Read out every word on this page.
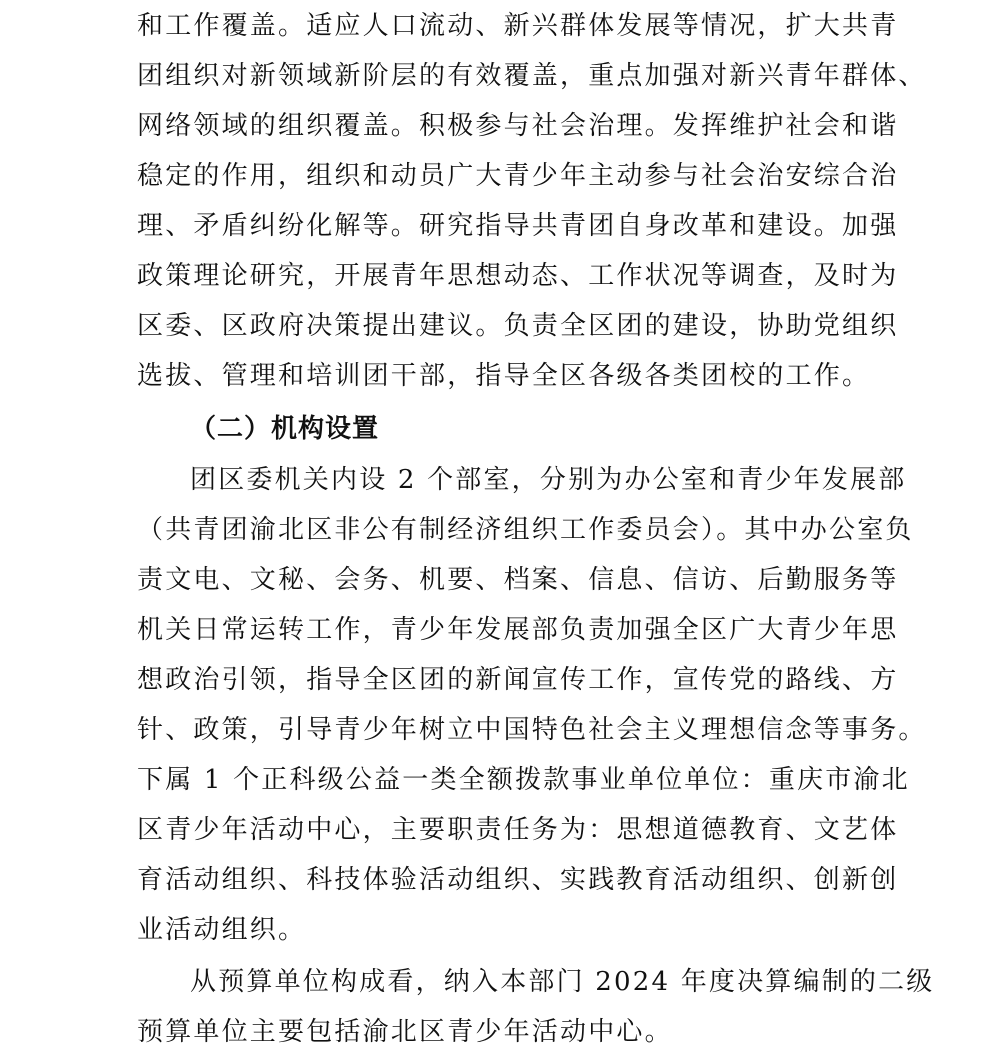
和工作覆盖。适应人口流动、新兴群体发展等情况，扩大共青
团组织对新领域新阶层的有效覆盖，重点加强对新兴青年群体、
网络领域的组织覆盖。积极参与社会治理。发挥维护社会和谐
稳定的作用，组织和动员广大青少年主动参与社会治安综合治
理、矛盾纠纷化解等。研究指导共青团自身改革和建设。加强
政策理论研究，开展青年思想动态、工作状况等调查，及时为
区委、区政府决策提出建议。负责全区团的建设，协助党组织
选拔、管理和培训团干部，指导全区各级各类团校的工作。
（二）机构设置
团区委机关内设 2 个部室，分别为办公室和青少年发展部
（共青团渝北区非公有制经济组织工作委员会）。其中办公室负
责文电、文秘、会务、机要、档案、信息、信访、后勤服务等
机关日常运转工作，青少年发展部负责加强全区广大青少年思
想政治引领，指导全区团的新闻宣传工作，宣传党的路线、方
针、政策，引导青少年树立中国特色社会主义理想信念等事务。
下属 1 个正科级公益一类全额拨款事业单位单位：重庆市渝北
区青少年活动中心，主要职责任务为：思想道德教育、文艺体
育活动组织、科技体验活动组织、实践教育活动组织、创新创
业活动组织。
从预算单位构成看，纳入本部门 2024 年度决算编制的二级
预算单位主要包括渝北区青少年活动中心。
